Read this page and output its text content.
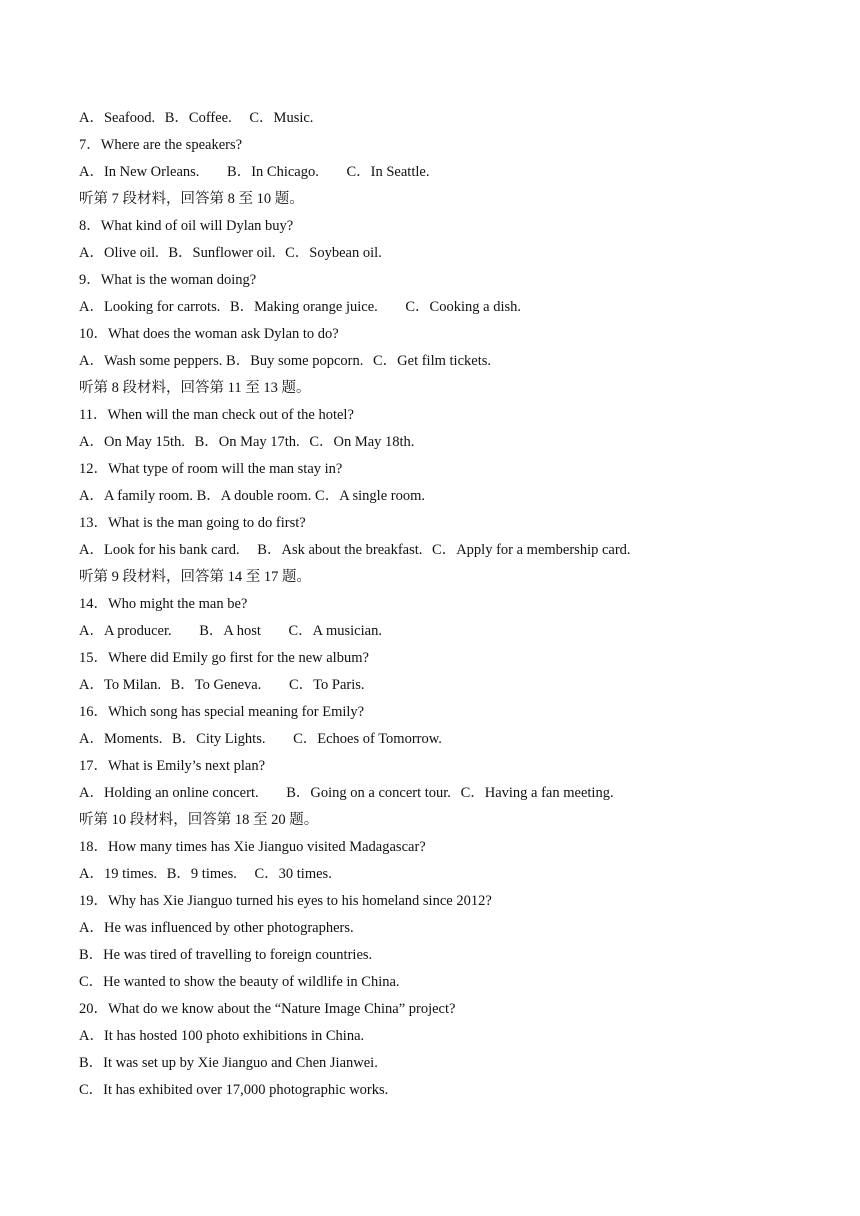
A．Seafood. B．Coffee. C．Music.
7．Where are the speakers?
A．In New Orleans. B．In Chicago. C．In Seattle.
听第 7 段材料，回答第 8 至 10 题。
8．What kind of oil will Dylan buy?
A．Olive oil. B．Sunflower oil. C．Soybean oil.
9．What is the woman doing?
A．Looking for carrots. B．Making orange juice. C．Cooking a dish.
10．What does the woman ask Dylan to do?
A．Wash some peppers. B．Buy some popcorn. C．Get film tickets.
听第 8 段材料，回答第 11 至 13 题。
11．When will the man check out of the hotel?
A．On May 15th. B．On May 17th. C．On May 18th.
12．What type of room will the man stay in?
A．A family room. B．A double room. C．A single room.
13．What is the man going to do first?
A．Look for his bank card. B．Ask about the breakfast. C．Apply for a membership card.
听第 9 段材料，回答第 14 至 17 题。
14．Who might the man be?
A．A producer. B．A host C．A musician.
15．Where did Emily go first for the new album?
A．To Milan. B．To Geneva. C．To Paris.
16．Which song has special meaning for Emily?
A．Moments. B．City Lights. C．Echoes of Tomorrow.
17．What is Emily’s next plan?
A．Holding an online concert. B．Going on a concert tour. C．Having a fan meeting.
听第 10 段材料，回答第 18 至 20 题。
18．How many times has Xie Jianguo visited Madagascar?
A．19 times. B．9 times. C．30 times.
19．Why has Xie Jianguo turned his eyes to his homeland since 2012?
A．He was influenced by other photographers.
B．He was tired of travelling to foreign countries.
C．He wanted to show the beauty of wildlife in China.
20．What do we know about the “Nature Image China” project?
A．It has hosted 100 photo exhibitions in China.
B．It was set up by Xie Jianguo and Chen Jianwei.
C．It has exhibited over 17,000 photographic works.
